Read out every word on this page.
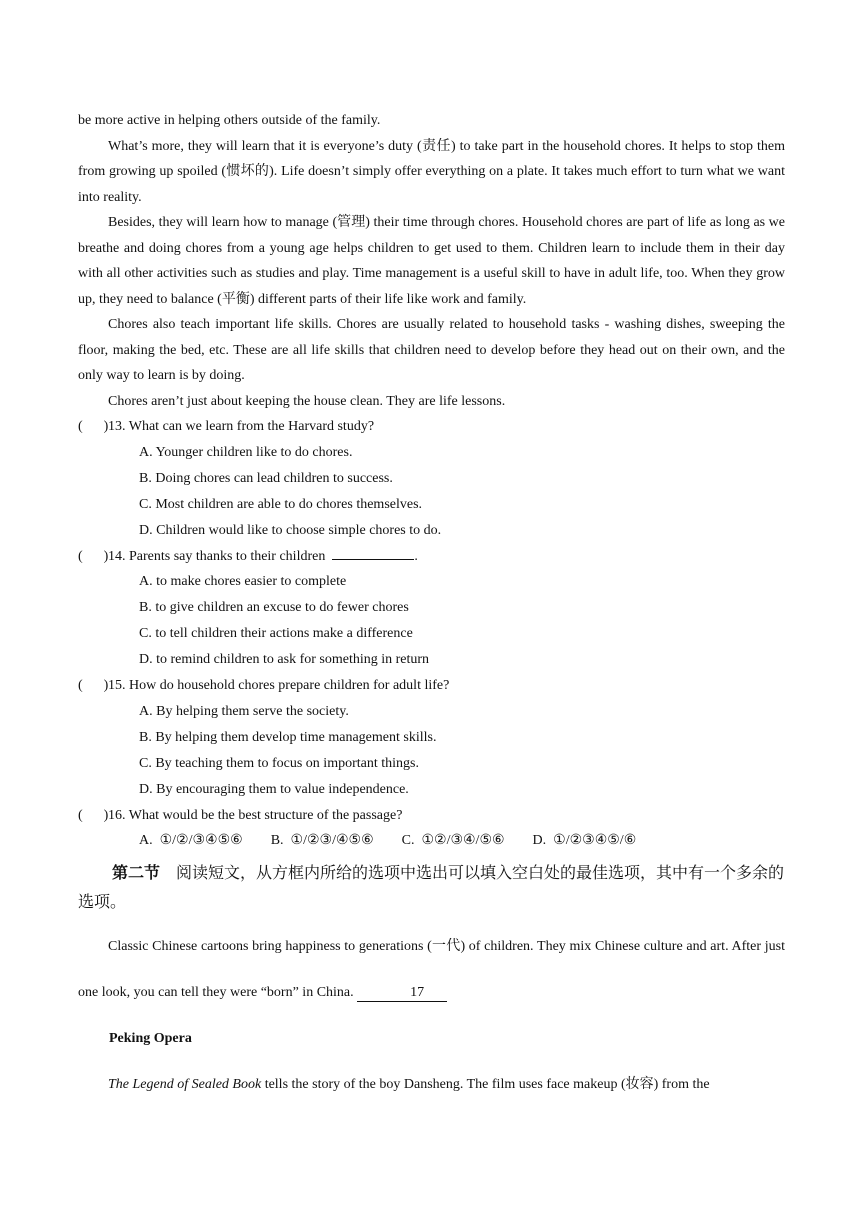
be more active in helping others outside of the family.

What’s more, they will learn that it is everyone’s duty (责任) to take part in the household chores. It helps to stop them from growing up spoiled (惯坏的). Life doesn’t simply offer everything on a plate. It takes much effort to turn what we want into reality.

Besides, they will learn how to manage (管理) their time through chores. Household chores are part of life as long as we breathe and doing chores from a young age helps children to get used to them. Children learn to include them in their day with all other activities such as studies and play. Time management is a useful skill to have in adult life, too. When they grow up, they need to balance (平衡) different parts of their life like work and family.

Chores also teach important life skills. Chores are usually related to household tasks - washing dishes, sweeping the floor, making the bed, etc. These are all life skills that children need to develop before they head out on their own, and the only way to learn is by doing.

Chores aren’t just about keeping the house clean. They are life lessons.

(      )13. What can we learn from the Harvard study?

A. Younger children like to do chores.

B. Doing chores can lead children to success.

C. Most children are able to do chores themselves.

D. Children would like to choose simple chores to do.

(      )14. Parents say thanks to their children	.

A. to make chores easier to complete

B. to give children an excuse to do fewer chores

C. to tell children their actions make a difference

D. to remind children to ask for something in return

(      )15. How do household chores prepare children for adult life?

A. By helping them serve the society.

B. By helping them develop time management skills.

C. By teaching them to focus on important things.

D. By encouraging them to value independence.

(      )16. What would be the best structure of the passage?

A.  ①/②/③④⑤⑥ B.  ①/②③/④⑤⑥ C.  ①②/③④/⑤⑥ D.  ①/②③④⑤/⑥

第二节 阅读短文，从方框内所给的选项中选出可以填入空白处的最佳选项，其中有一个多余的选项。

Classic Chinese cartoons bring happiness to generations (一代) of children. They mix Chinese culture and art. After just one look, you can tell they were “born” in China.	17

Peking Opera

The Legend of Sealed Book tells the story of the boy Dansheng. The film uses face makeup (妆容) from the
